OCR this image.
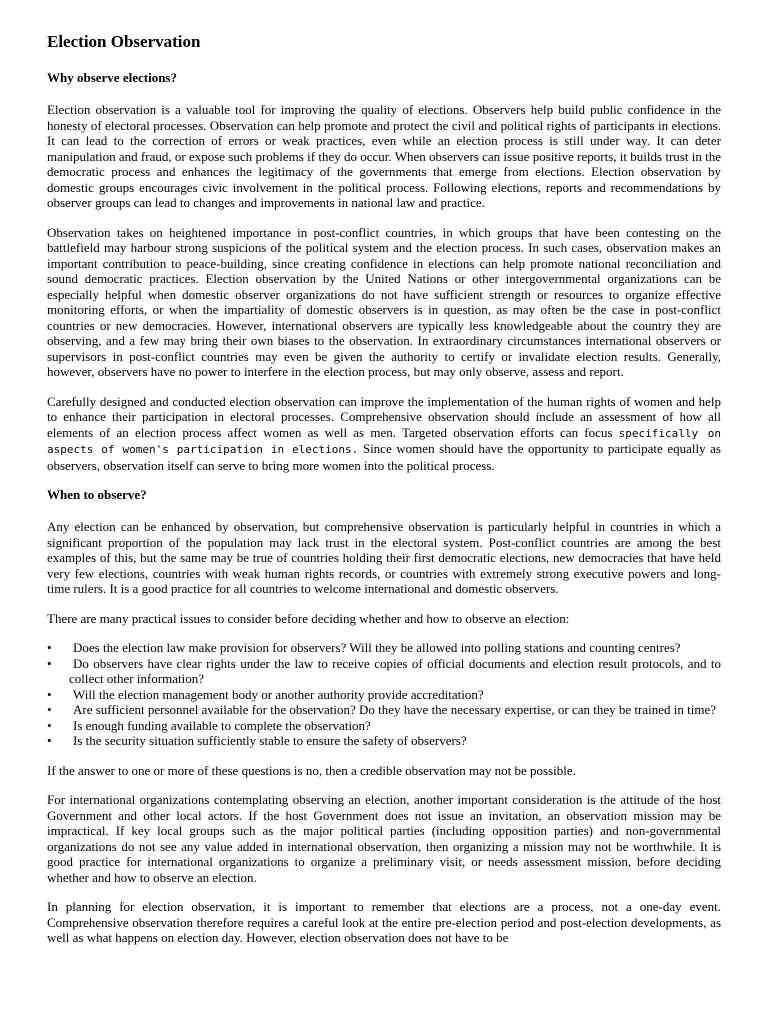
Election Observation
Why observe elections?

Election observation is a valuable tool for improving the quality of elections. Observers help build public confidence in the honesty of electoral processes. Observation can help promote and protect the civil and political rights of participants in elections. It can lead to the correction of errors or weak practices, even while an election process is still under way. It can deter manipulation and fraud, or expose such problems if they do occur. When observers can issue positive reports, it builds trust in the democratic process and enhances the legitimacy of the governments that emerge from elections. Election observation by domestic groups encourages civic involvement in the political process. Following elections, reports and recommendations by observer groups can lead to changes and improvements in national law and practice.

Observation takes on heightened importance in post-conflict countries, in which groups that have been contesting on the battlefield may harbour strong suspicions of the political system and the election process. In such cases, observation makes an important contribution to peace-building, since creating confidence in elections can help promote national reconciliation and sound democratic practices. Election observation by the United Nations or other intergovernmental organizations can be especially helpful when domestic observer organizations do not have sufficient strength or resources to organize effective monitoring efforts, or when the impartiality of domestic observers is in question, as may often be the case in post-conflict countries or new democracies. However, international observers are typically less knowledgeable about the country they are observing, and a few may bring their own biases to the observation. In extraordinary circumstances international observers or supervisors in post-conflict countries may even be given the authority to certify or invalidate election results. Generally, however, observers have no power to interfere in the election process, but may only observe, assess and report.

Carefully designed and conducted election observation can improve the implementation of the human rights of women and help to enhance their participation in electoral processes. Comprehensive observation should include an assessment of how all elements of an election process affect women as well as men. Targeted observation efforts can focus specifically on aspects of women's participation in elections. Since women should have the opportunity to participate equally as observers, observation itself can serve to bring more women into the political process.

When to observe?

Any election can be enhanced by observation, but comprehensive observation is particularly helpful in countries in which a significant proportion of the population may lack trust in the electoral system. Post-conflict countries are among the best examples of this, but the same may be true of countries holding their first democratic elections, new democracies that have held very few elections, countries with weak human rights records, or countries with extremely strong executive powers and long-time rulers. It is a good practice for all countries to welcome international and domestic observers.

There are many practical issues to consider before deciding whether and how to observe an election:

•	Does the election law make provision for observers? Will they be allowed into polling stations and counting centres?
•	Do observers have clear rights under the law to receive copies of official documents and election result protocols, and to collect other information?
•	Will the election management body or another authority provide accreditation?
•	Are sufficient personnel available for the observation? Do they have the necessary expertise, or can they be trained in time?
•	Is enough funding available to complete the observation?
•	Is the security situation sufficiently stable to ensure the safety of observers?

If the answer to one or more of these questions is no, then a credible observation may not be possible.

For international organizations contemplating observing an election, another important consideration is the attitude of the host Government and other local actors. If the host Government does not issue an invitation, an observation mission may be impractical. If key local groups such as the major political parties (including opposition parties) and non-governmental organizations do not see any value added in international observation, then organizing a mission may not be worthwhile. It is good practice for international organizations to organize a preliminary visit, or needs assessment mission, before deciding whether and how to observe an election.

In planning for election observation, it is important to remember that elections are a process, not a one-day event. Comprehensive observation therefore requires a careful look at the entire pre-election period and post-election developments, as well as what happens on election day. However, election observation does not have to be
